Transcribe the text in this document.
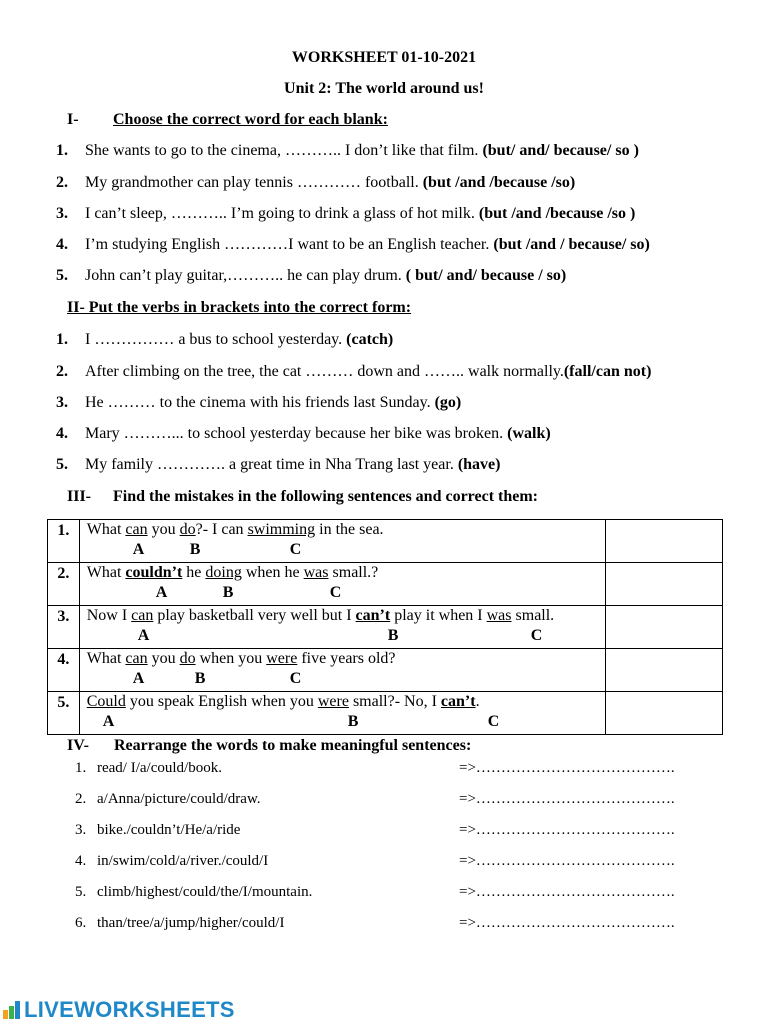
WORKSHEET 01-10-2021
Unit 2: The world around us!
I- Choose the correct word for each blank:
1. She wants to go to the cinema, ……….. I don’t like that film. (but/ and/ because/ so )
2. My grandmother can play tennis ………… football. (but /and /because /so)
3. I can’t sleep, ……….. I’m going to drink a glass of hot milk. (but /and /because /so )
4. I’m studying English …………I want to be an English teacher. (but /and / because/ so)
5. John can’t play guitar,……….. he can play drum. ( but/ and/ because / so)
II- Put the verbs in brackets into the correct form:
1. I …………… a bus to school yesterday. (catch)
2. After climbing on the tree, the cat ……… down and …….. walk normally.(fall/can not)
3. He ……… to the cinema with his friends last Sunday. (go)
4. Mary ………... to school yesterday because her bike was broken. (walk)
5. My family …………. a great time in Nha Trang last year. (have)
III- Find the mistakes in the following sentences and correct them:
1.	What can you do?- I can swimming in the sea.
A B C	

2.	What couldn’t he doing when he was small.?
A B C	

3.	Now I can play basketball very well but I can’t play it when I was small.
A B C	

4.	What can you do when you were five years old?
A B C	

5.	Could you speak English when you were small?- No, I can’t.
A B C	

IV- Rearrange the words to make meaningful sentences:
1. read/ I/a/could/book.	=>………………………………….
2. a/Anna/picture/could/draw.	=>………………………………….
3. bike./couldn’t/He/a/ride	=>………………………………….
4. in/swim/cold/a/river./could/I	=>………………………………….
5. climb/highest/could/the/I/mountain.	=>………………………………….
6. than/tree/a/jump/higher/could/I	=>………………………………….
LIVEWORKSHEETS
